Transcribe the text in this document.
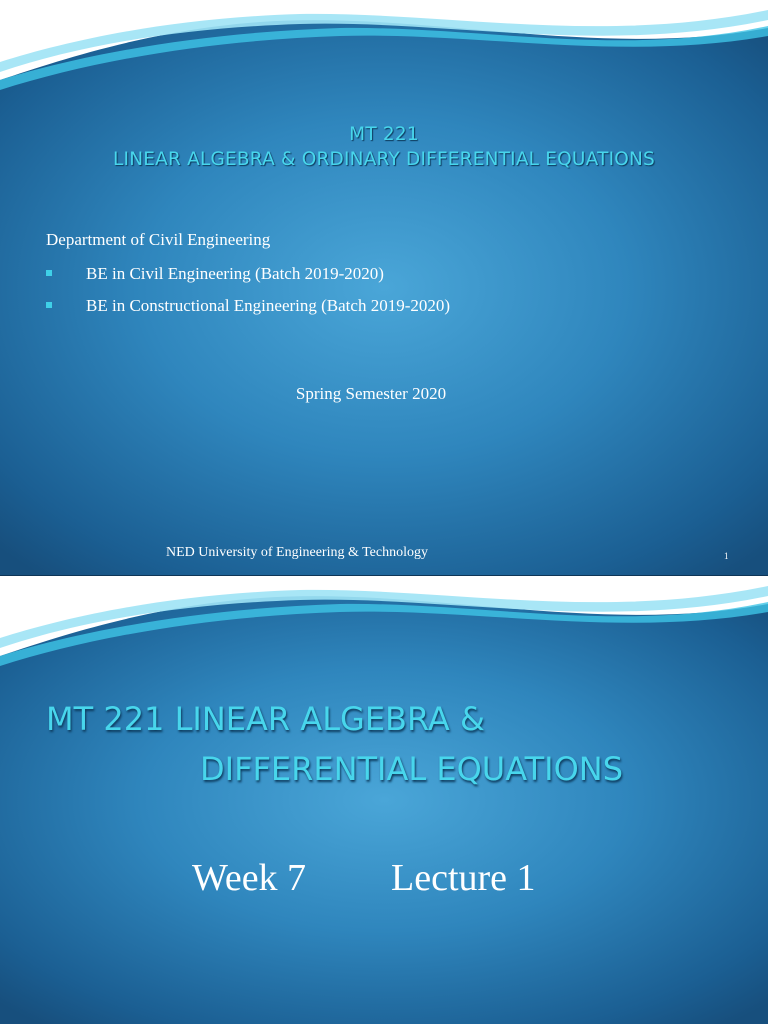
MT 221
LINEAR ALGEBRA & ORDINARY DIFFERENTIAL EQUATIONS
Department of Civil Engineering
BE in Civil Engineering (Batch 2019-2020)
BE in Constructional Engineering (Batch 2019-2020)
Spring Semester 2020
NED University of Engineering & Technology	1
MT 221 LINEAR ALGEBRA &
DIFFERENTIAL EQUATIONS
Week 7 Lecture 1
